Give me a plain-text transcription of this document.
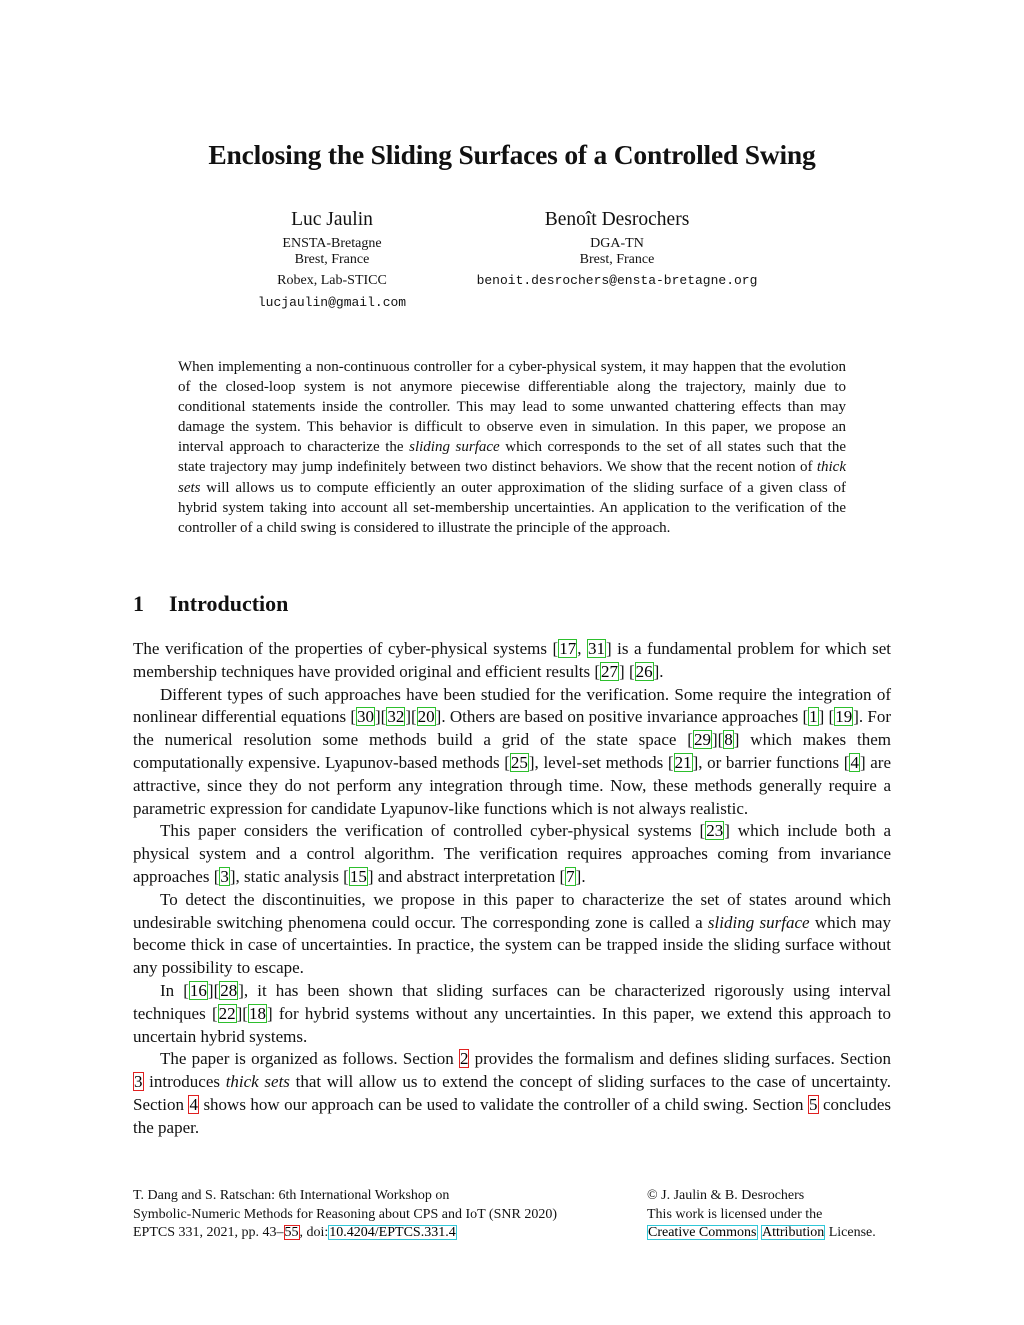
Enclosing the Sliding Surfaces of a Controlled Swing
Luc Jaulin
ENSTA-Bretagne
Brest, France
Robex, Lab-STICC
lucjaulin@gmail.com
Benoît Desrochers
DGA-TN
Brest, France
benoit.desrochers@ensta-bretagne.org
When implementing a non-continuous controller for a cyber-physical system, it may happen that the evolution of the closed-loop system is not anymore piecewise differentiable along the trajectory, mainly due to conditional statements inside the controller. This may lead to some unwanted chattering effects than may damage the system. This behavior is difficult to observe even in simulation. In this paper, we propose an interval approach to characterize the sliding surface which corresponds to the set of all states such that the state trajectory may jump indefinitely between two distinct behaviors. We show that the recent notion of thick sets will allows us to compute efficiently an outer approximation of the sliding surface of a given class of hybrid system taking into account all set-membership uncertainties. An application to the verification of the controller of a child swing is considered to illustrate the principle of the approach.
1 Introduction

The verification of the properties of cyber-physical systems [17, 31] is a fundamental problem for which set membership techniques have provided original and efficient results [27] [26].

Different types of such approaches have been studied for the verification. Some require the integration of nonlinear differential equations [30][32][20]. Others are based on positive invariance approaches [1] [19]. For the numerical resolution some methods build a grid of the state space [29][8] which makes them computationally expensive. Lyapunov-based methods [25], level-set methods [21], or barrier functions [4] are attractive, since they do not perform any integration through time. Now, these methods generally require a parametric expression for candidate Lyapunov-like functions which is not always realistic.

This paper considers the verification of controlled cyber-physical systems [23] which include both a physical system and a control algorithm. The verification requires approaches coming from invariance approaches [3], static analysis [15] and abstract interpretation [7].

To detect the discontinuities, we propose in this paper to characterize the set of states around which undesirable switching phenomena could occur. The corresponding zone is called a sliding surface which may become thick in case of uncertainties. In practice, the system can be trapped inside the sliding surface without any possibility to escape.

In [16][28], it has been shown that sliding surfaces can be characterized rigorously using interval techniques [22][18] for hybrid systems without any uncertainties. In this paper, we extend this approach to uncertain hybrid systems.

The paper is organized as follows. Section 2 provides the formalism and defines sliding surfaces. Section 3 introduces thick sets that will allow us to extend the concept of sliding surfaces to the case of uncertainty. Section 4 shows how our approach can be used to validate the controller of a child swing. Section 5 concludes the paper.

T. Dang and S. Ratschan: 6th International Workshop on
Symbolic-Numeric Methods for Reasoning about CPS and IoT (SNR 2020)
EPTCS 331, 2021, pp. 43–55, doi:10.4204/EPTCS.331.4
© J. Jaulin & B. Desrochers
This work is licensed under the
Creative Commons Attribution License.
